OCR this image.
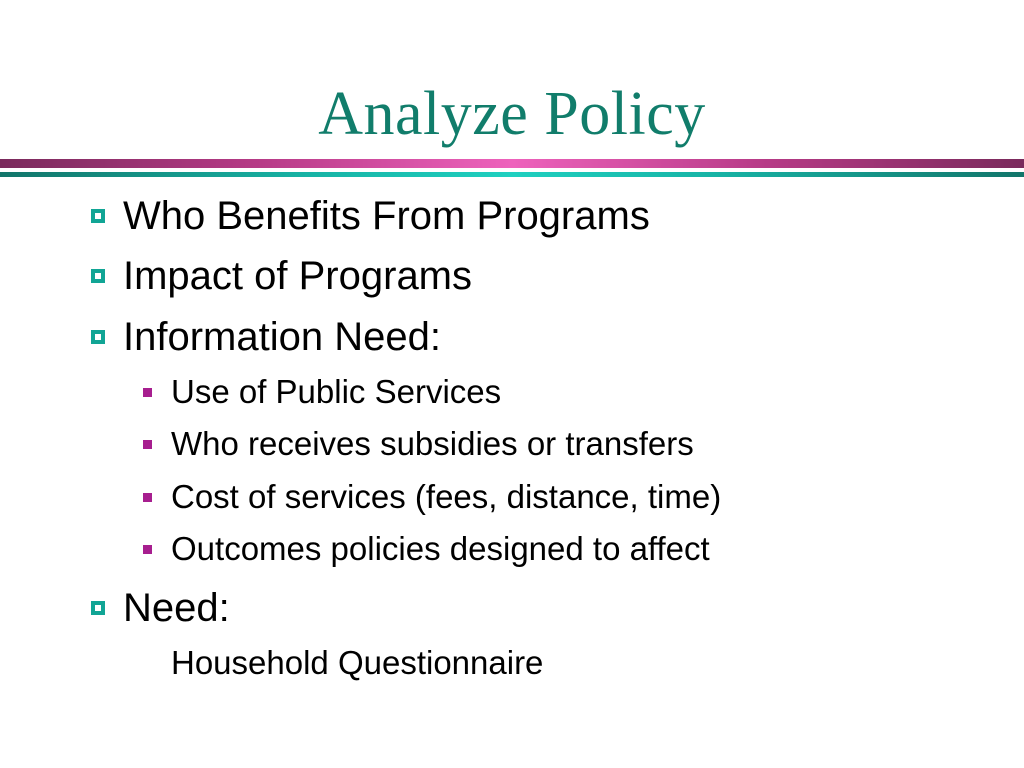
Analyze Policy
Who Benefits From Programs
Impact of Programs
Information Need:
Use of Public Services
Who receives subsidies or transfers
Cost of services (fees, distance, time)
Outcomes policies designed to affect
Need:
Household Questionnaire
